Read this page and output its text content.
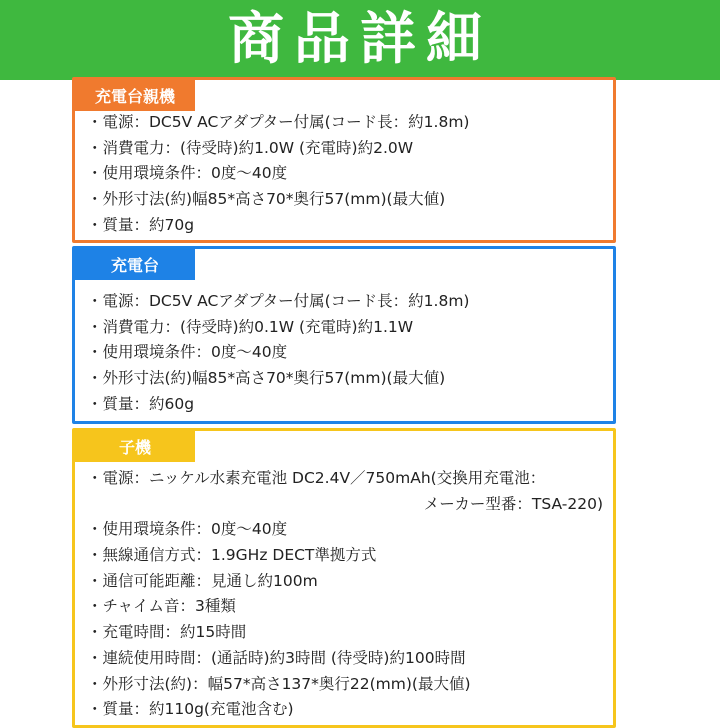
商品詳細
充電台親機
・電源：DC5V ACアダプター付属(コード長：約1.8m)
・消費電力：(待受時)約1.0W (充電時)約2.0W
・使用環境条件：0度～40度
・外形寸法(約)幅85*高さ70*奥行57(mm)(最大値)
・質量：約70g
充電台
・電源：DC5V ACアダプター付属(コード長：約1.8m)
・消費電力：(待受時)約0.1W (充電時)約1.1W
・使用環境条件：0度～40度
・外形寸法(約)幅85*高さ70*奥行57(mm)(最大値)
・質量：約60g
子機
・電源：ニッケル水素充電池 DC2.4V／750mAh(交換用充電池：
メーカー型番：TSA-220)
・使用環境条件：0度～40度
・無線通信方式：1.9GHz DECT準拠方式
・通信可能距離：見通し約100m
・チャイム音：3種類
・充電時間：約15時間
・連続使用時間：(通話時)約3時間 (待受時)約100時間
・外形寸法(約)：幅57*高さ137*奥行22(mm)(最大値)
・質量：約110g(充電池含む)
